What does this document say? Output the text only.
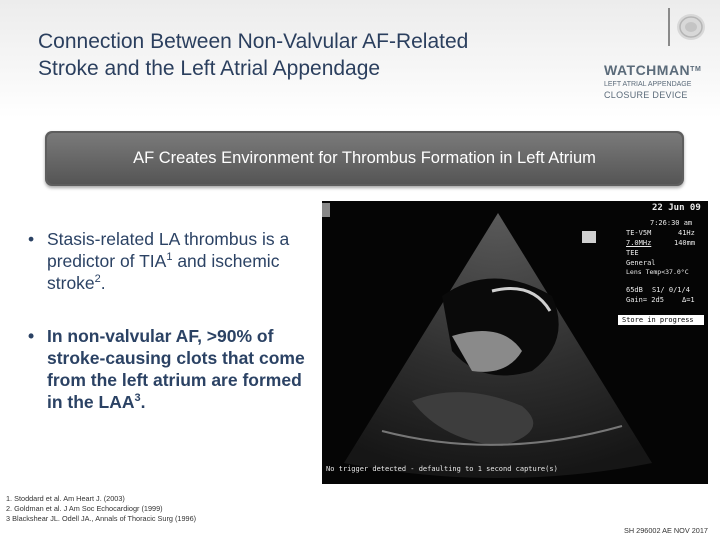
Connection Between Non-Valvular AF-Related
Stroke and the Left Atrial Appendage	WATCHMAN™
LEFT ATRIAL APPENDAGE
CLOSURE DEVICE
AF Creates Environment for Thrombus Formation in Left Atrium
• Stasis-related LA thrombus is a predictor of TIA$^1$ and ischemic stroke$^2$.
• In non-valvular AF, >90% of stroke-causing clots that come from the left atrium are formed in the LAA$^3$.
22 Jun 09
7:26:30 am
TE-V5M	41Hz
7.0MHz	140mm
TEE
General
Lens Temp<37.0°C
65dB S1/ 0/1/4
Gain= 2d5	Δ=1
Store in progress
No trigger detected - defaulting to 1 second capture(s)
1. Stoddard et al. Am Heart J. (2003)
2. Goldman et al. J Am Soc Echocardiogr (1999)
3 Blackshear JL. Odell JA., Annals of Thoracic Surg (1996)
SH 296002 AE NOV 2017
